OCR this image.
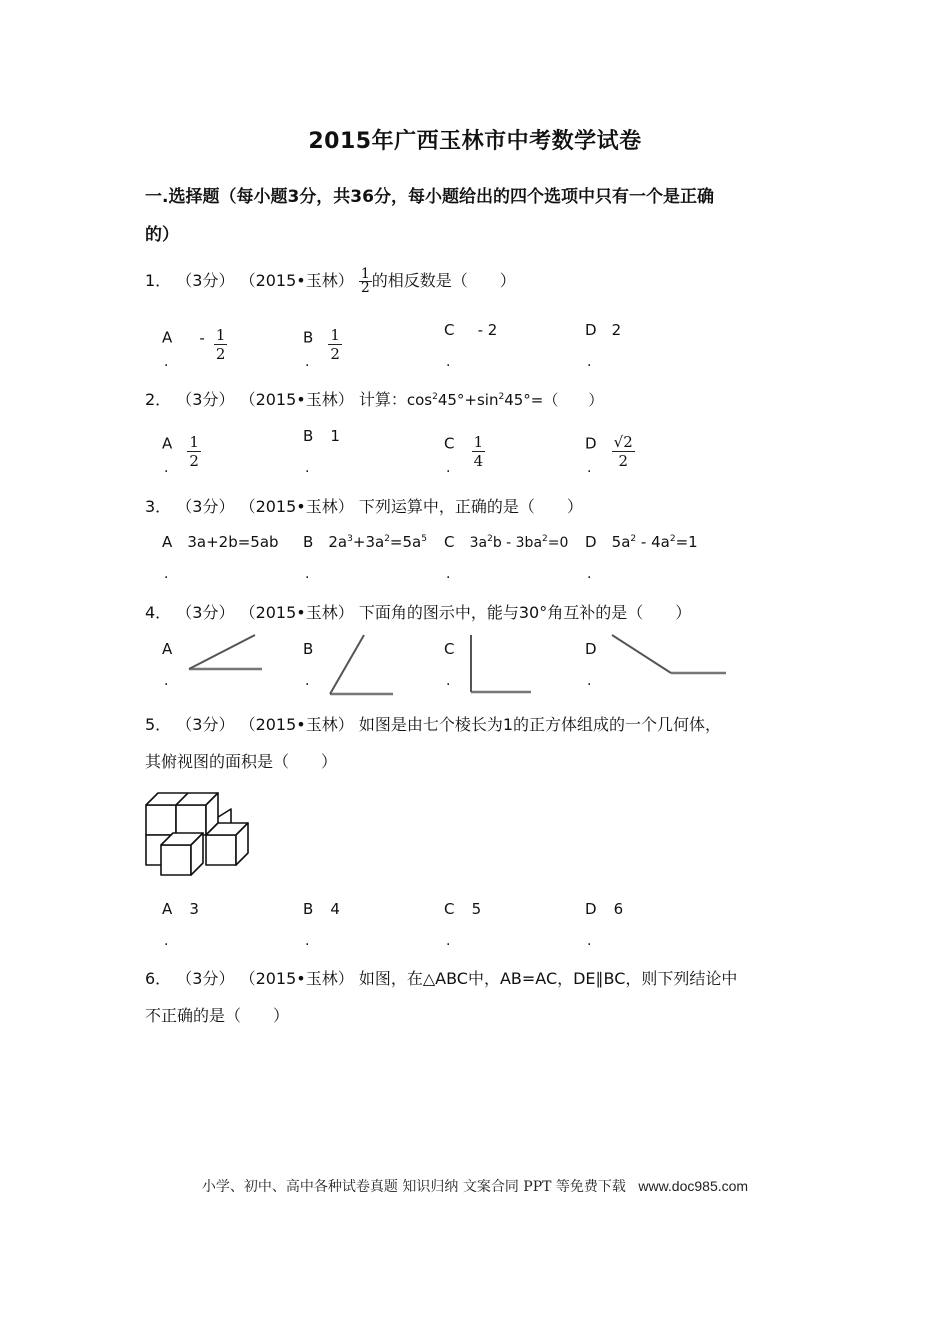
2015年广西玉林市中考数学试卷
一.选择题（每小题3分，共36分，每小题给出的四个选项中只有一个是正确
的）
1． （3分） （2015•玉林） $\frac{1}{2}$ 的相反数是（　　）
A - $\frac{1}{2}$	B $\frac{1}{2}$	C - 2	D 2
.	.	.	.
2． （3分） （2015•玉林） 计算：$\cos^245^\circ+\sin^245^\circ=$（　　）
A $\frac{1}{2}$	B 1	C $\frac{1}{4}$	D $\frac{√2}{2}$
.	.	.	.
3． （3分） （2015•玉林） 下列运算中，正确的是（　　）
A 3a+2b=5ab B $2a^3+3a^2=5a^5$ C $3a^2b - 3ba^2=0$ D $5a^2 - 4a^2=1$
.	.	.	.
4． （3分） （2015•玉林） 下面角的图示中，能与30°角互补的是（　　）
A	B	C	D
.	.	.	.
5． （3分） （2015•玉林） 如图是由七个棱长为1的正方体组成的一个几何体，
其俯视图的面积是（　　）
A 3	B 4	C 5	D 6
.	.	.	.
6． （3分） （2015•玉林） 如图，在△ABC中，AB=AC，DE∥BC，则下列结论中
不正确的是（　　）
小学、初中、高中各种试卷真题 知识归纳 文案合同 PPT 等免费下载 www.doc985.com
